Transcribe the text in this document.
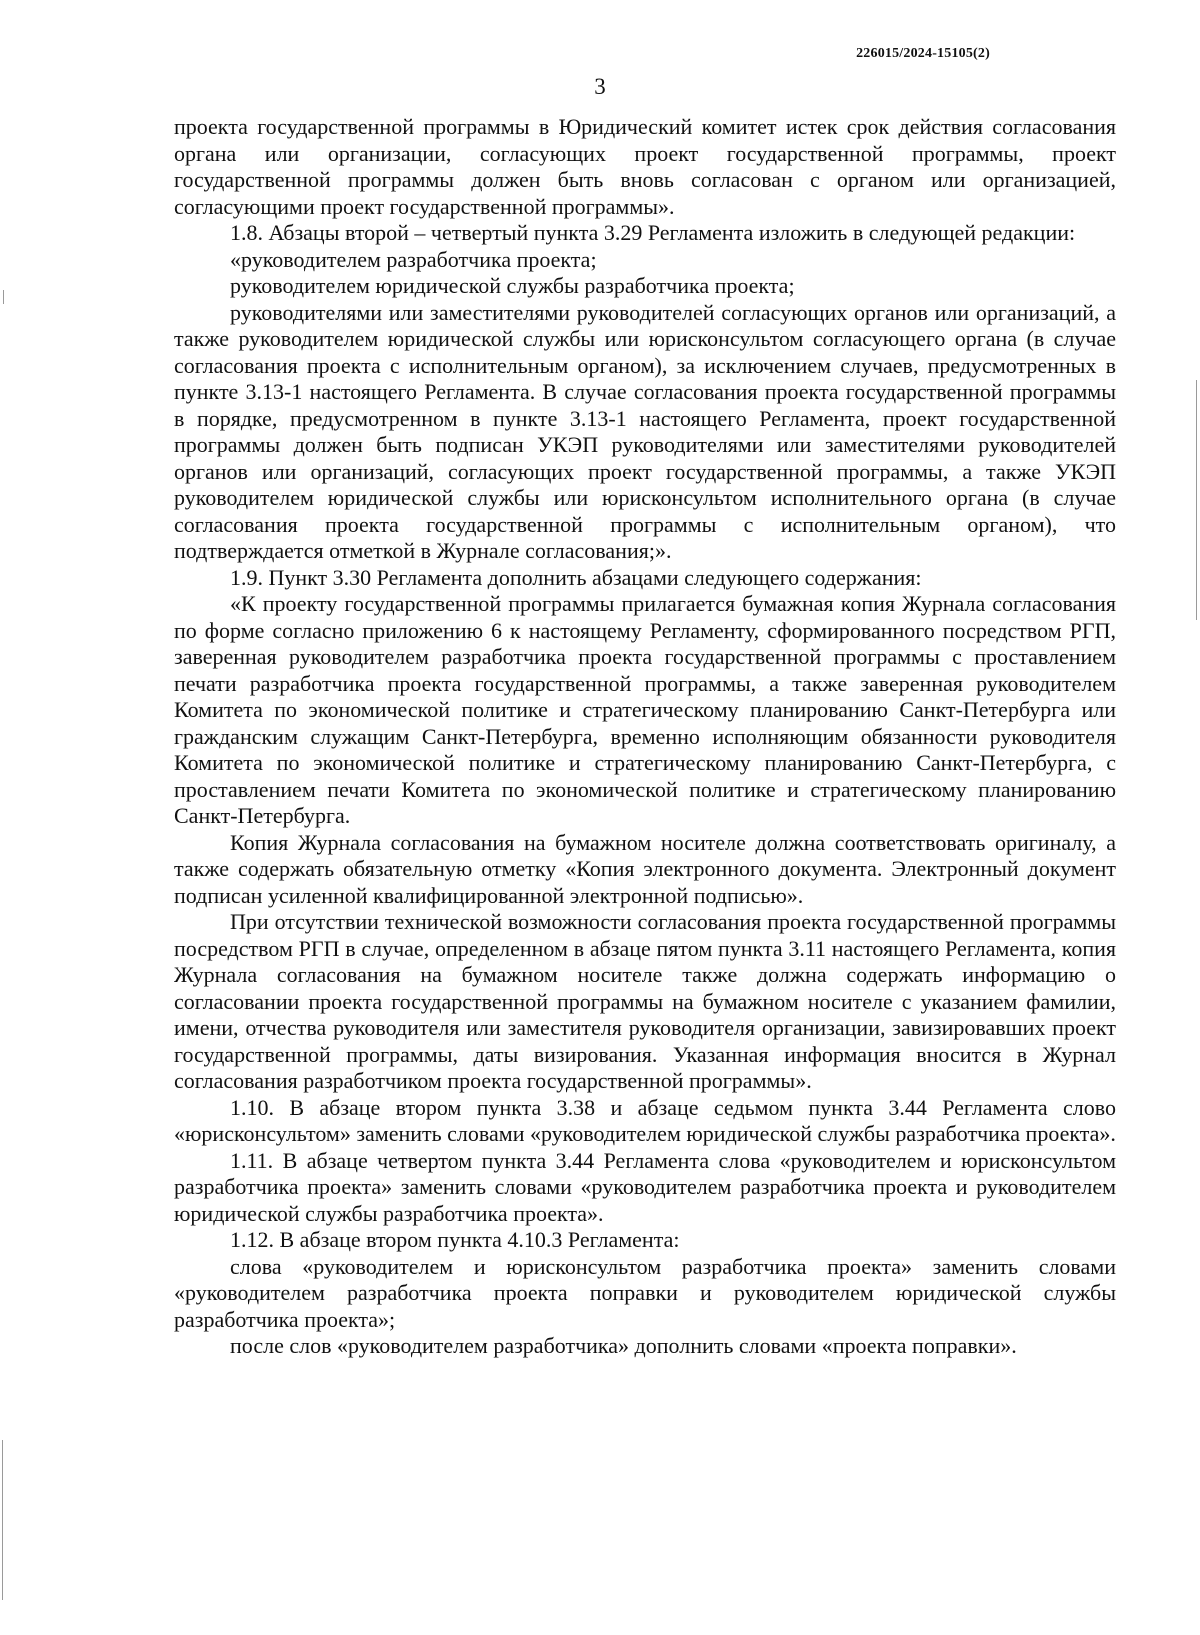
226015/2024-15105(2)
3

проекта государственной программы в Юридический комитет истек срок действия согласования органа или организации, согласующих проект государственной программы, проект государственной программы должен быть вновь согласован с органом или организацией, согласующими проект государственной программы».

1.8. Абзацы второй – четвертый пункта 3.29 Регламента изложить в следующей редакции:

«руководителем разработчика проекта;

руководителем юридической службы разработчика проекта;

руководителями или заместителями руководителей согласующих органов или организаций, а также руководителем юридической службы или юрисконсультом согласующего органа (в случае согласования проекта с исполнительным органом), за исключением случаев, предусмотренных в пункте 3.13-1 настоящего Регламента. В случае согласования проекта государственной программы в порядке, предусмотренном в пункте 3.13-1 настоящего Регламента, проект государственной программы должен быть подписан УКЭП руководителями или заместителями руководителей органов или организаций, согласующих проект государственной программы, а также УКЭП руководителем юридической службы или юрисконсультом исполнительного органа (в случае согласования проекта государственной программы с исполнительным органом), что подтверждается отметкой в Журнале согласования;».

1.9. Пункт 3.30 Регламента дополнить абзацами следующего содержания:

«К проекту государственной программы прилагается бумажная копия Журнала согласования по форме согласно приложению 6 к настоящему Регламенту, сформированного посредством РГП, заверенная руководителем разработчика проекта государственной программы с проставлением печати разработчика проекта государственной программы, а также заверенная руководителем Комитета по экономической политике и стратегическому планированию Санкт-Петербурга или гражданским служащим Санкт-Петербурга, временно исполняющим обязанности руководителя Комитета по экономической политике и стратегическому планированию Санкт-Петербурга, с проставлением печати Комитета по экономической политике и стратегическому планированию Санкт-Петербурга.

Копия Журнала согласования на бумажном носителе должна соответствовать оригиналу, а также содержать обязательную отметку «Копия электронного документа. Электронный документ подписан усиленной квалифицированной электронной подписью».

При отсутствии технической возможности согласования проекта государственной программы посредством РГП в случае, определенном в абзаце пятом пункта 3.11 настоящего Регламента, копия Журнала согласования на бумажном носителе также должна содержать информацию о согласовании проекта государственной программы на бумажном носителе с указанием фамилии, имени, отчества руководителя или заместителя руководителя организации, завизировавших проект государственной программы, даты визирования. Указанная информация вносится в Журнал согласования разработчиком проекта государственной программы».

1.10. В абзаце втором пункта 3.38 и абзаце седьмом пункта 3.44 Регламента слово «юрисконсультом» заменить словами «руководителем юридической службы разработчика проекта».

1.11. В абзаце четвертом пункта 3.44 Регламента слова «руководителем и юрисконсультом разработчика проекта» заменить словами «руководителем разработчика проекта и руководителем юридической службы разработчика проекта».

1.12. В абзаце втором пункта 4.10.3 Регламента:

слова «руководителем и юрисконсультом разработчика проекта» заменить словами «руководителем разработчика проекта поправки и руководителем юридической службы разработчика проекта»;

после слов «руководителем разработчика» дополнить словами «проекта поправки».
